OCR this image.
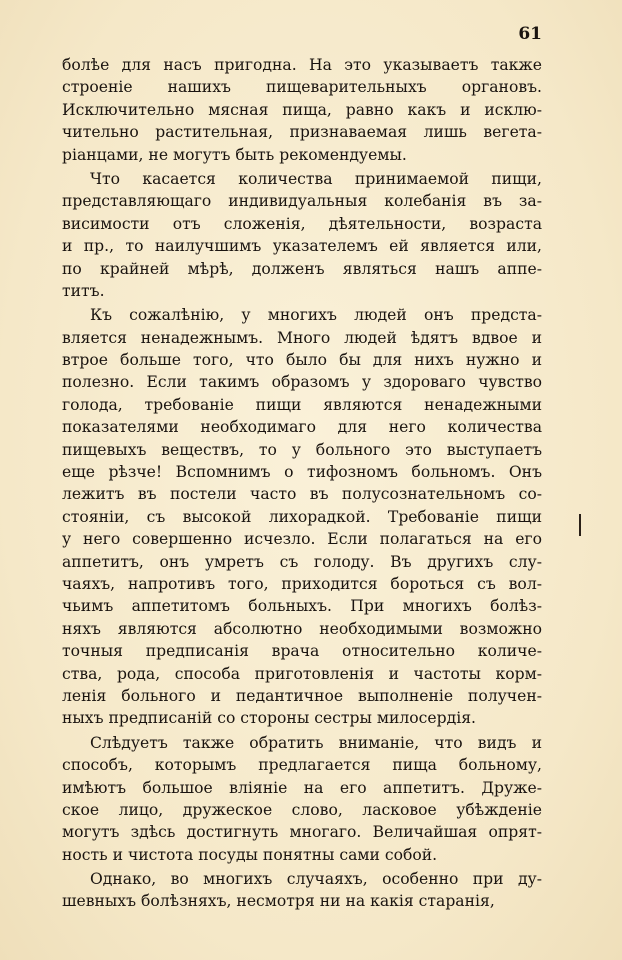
61
болѣе для насъ пригодна. На это указываетъ также
строеніе нашихъ пищеварительныхъ органовъ.
Исключительно мясная пища, равно какъ и исклю-
чительно растительная, признаваемая лишь вегета-
ріанцами, не могутъ быть рекомендуемы.
Что касается количества принимаемой пищи,
представляющаго индивидуальныя колебанія въ за-
висимости отъ сложенія, дѣятельности, возраста
и пр., то наилучшимъ указателемъ ей является или,
по крайней мѣрѣ, долженъ являться нашъ аппе-
титъ.
Къ сожалѣнію, у многихъ людей онъ предста-
вляется ненадежнымъ. Много людей ѣдятъ вдвое и
втрое больше того, что было бы для нихъ нужно и
полезно. Если такимъ образомъ у здороваго чувство
голода, требованіе пищи являются ненадежными
показателями необходимаго для него количества
пищевыхъ веществъ, то у больного это выступаетъ
еще рѣзче! Вспомнимъ о тифозномъ больномъ. Онъ
лежитъ въ постели часто въ полусознательномъ со-
стояніи, съ высокой лихорадкой. Требованіе пищи
у него совершенно исчезло. Если полагаться на его
аппетитъ, онъ умретъ съ голоду. Въ другихъ слу-
чаяхъ, напротивъ того, приходится бороться съ вол-
чьимъ аппетитомъ больныхъ. При многихъ болѣз-
няхъ являются абсолютно необходимыми возможно
точныя предписанія врача относительно количе-
ства, рода, способа приготовленія и частоты корм-
ленія больного и педантичное выполненіе получен-
ныхъ предписаній со стороны сестры милосердія.
Слѣдуетъ также обратить вниманіе, что видъ и
способъ, которымъ предлагается пища больному,
имѣютъ большое вліяніе на его аппетитъ. Друже-
ское лицо, дружеское слово, ласковое убѣжденіе
могутъ здѣсь достигнуть многаго. Величайшая опрят-
ность и чистота посуды понятны сами собой.
Однако, во многихъ случаяхъ, особенно при ду-
шевныхъ болѣзняхъ, несмотря ни на какія старанія,
